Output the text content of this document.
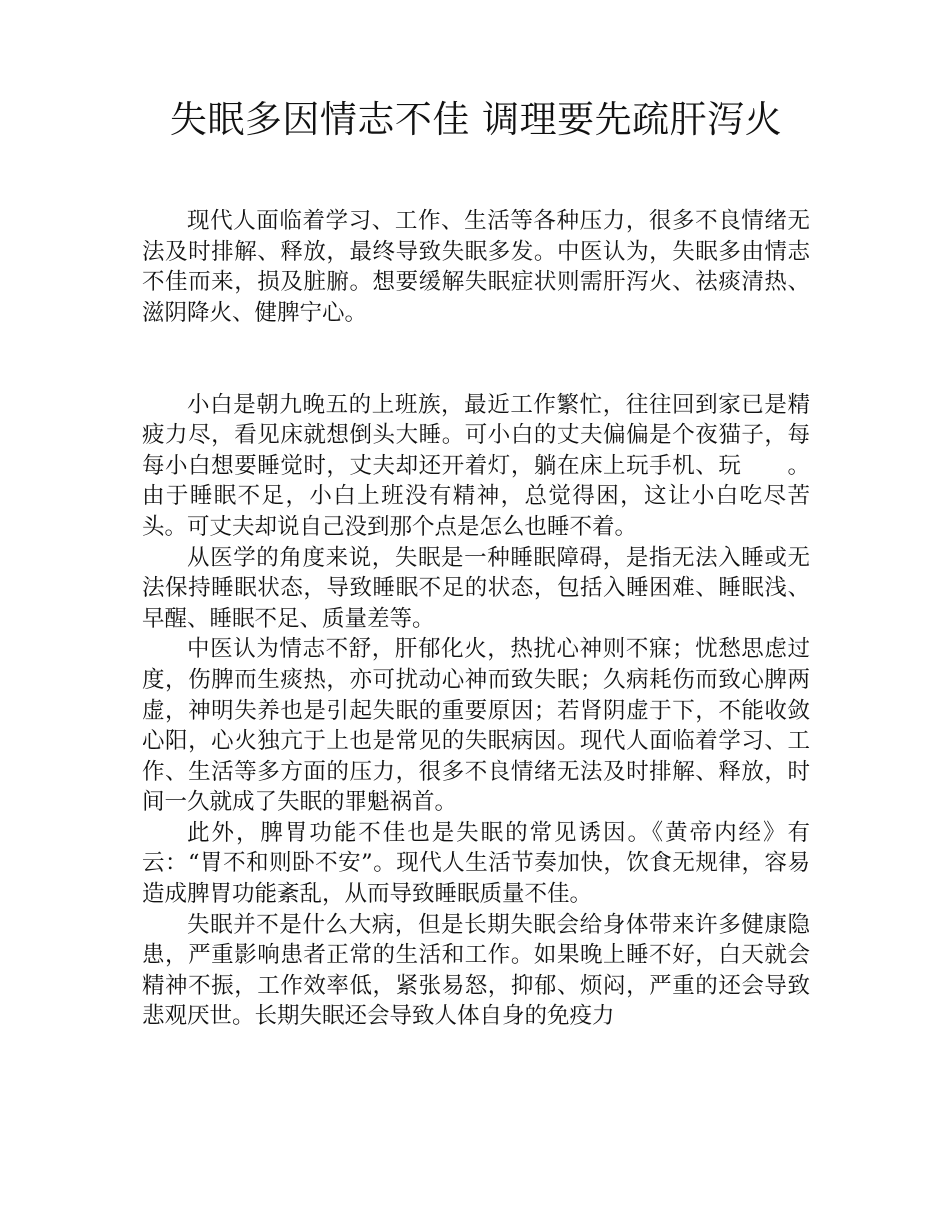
失眠多因情志不佳 调理要先疏肝泻火

现代人面临着学习、工作、生活等各种压力，很多不良情绪无法及时排解、释放，最终导致失眠多发。中医认为，失眠多由情志不佳而来，损及脏腑。想要缓解失眠症状则需肝泻火、祛痰清热、滋阴降火、健脾宁心。

小白是朝九晚五的上班族，最近工作繁忙，往往回到家已是精疲力尽，看见床就想倒头大睡。可小白的丈夫偏偏是个夜猫子，每每小白想要睡觉时，丈夫却还开着灯，躺在床上玩手机、玩　　。由于睡眠不足，小白上班没有精神，总觉得困，这让小白吃尽苦头。可丈夫却说自己没到那个点是怎么也睡不着。

从医学的角度来说，失眠是一种睡眠障碍，是指无法入睡或无法保持睡眠状态，导致睡眠不足的状态，包括入睡困难、睡眠浅、早醒、睡眠不足、质量差等。

中医认为情志不舒，肝郁化火，热扰心神则不寐；忧愁思虑过度，伤脾而生痰热，亦可扰动心神而致失眠；久病耗伤而致心脾两虚，神明失养也是引起失眠的重要原因；若肾阴虚于下，不能收敛心阳，心火独亢于上也是常见的失眠病因。现代人面临着学习、工作、生活等多方面的压力，很多不良情绪无法及时排解、释放，时间一久就成了失眠的罪魁祸首。

此外，脾胃功能不佳也是失眠的常见诱因。《黄帝内经》有云：“胃不和则卧不安”。现代人生活节奏加快，饮食无规律，容易造成脾胃功能紊乱，从而导致睡眠质量不佳。

失眠并不是什么大病，但是长期失眠会给身体带来许多健康隐患，严重影响患者正常的生活和工作。如果晚上睡不好，白天就会精神不振，工作效率低，紧张易怒，抑郁、烦闷，严重的还会导致悲观厌世。长期失眠还会导致人体自身的免疫力
